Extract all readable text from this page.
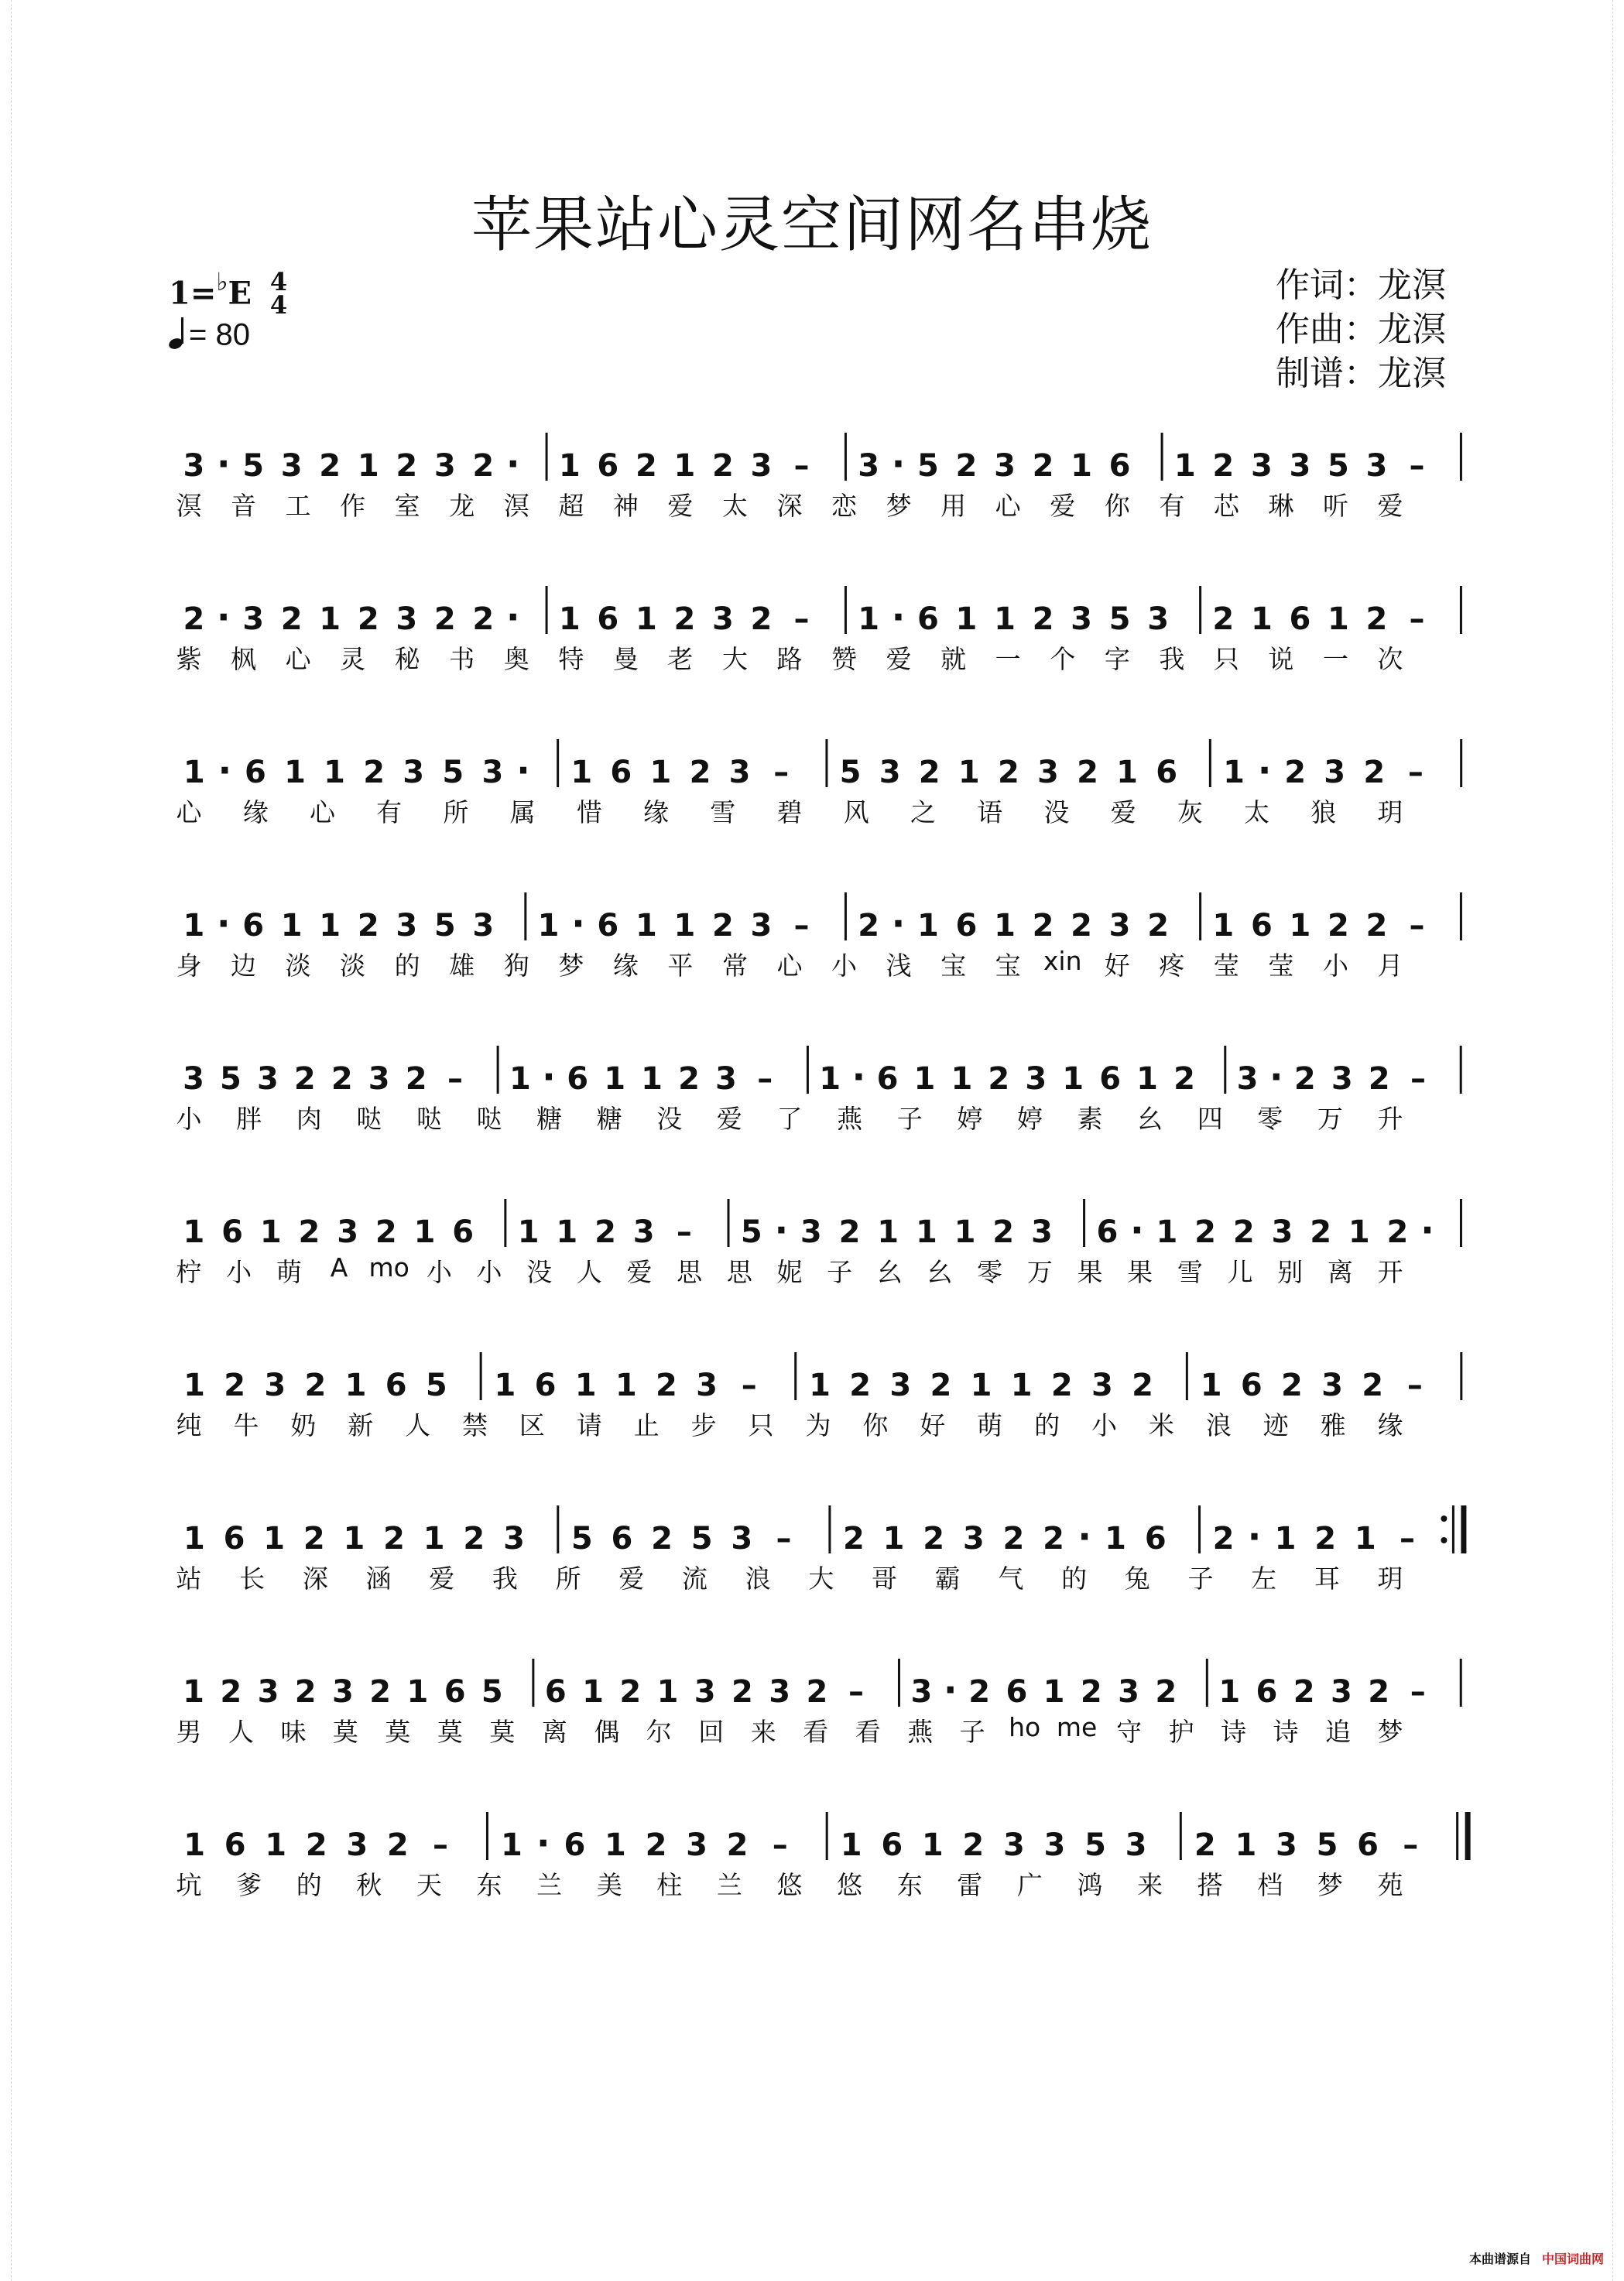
苹果站心灵空间网名串烧
1=♭E 4
4
= 80
作词：龙溟
作曲：龙溟
制谱：龙溟
3 · 5 3 2 1 2 3 2 · 1 6 2 1 2 3 – 3 · 5 2 3 2 1 6 1 2 3 3 5 3 –
溟 音 工 作 室 龙 溟 超 神 爱 太 深 恋 梦 用 心 爱 你 有 芯 琳 听 爱
2 · 3 2 1 2 3 2 2 · 1 6 1 2 3 2 – 1 · 6 1 1 2 3 5 3 2 1 6 1 2 –
紫 枫 心 灵 秘 书 奥 特 曼 老 大 路 赞 爱 就 一 个 字 我 只 说 一 次
1 · 6 1 1 2 3 5 3 · 1 6 1 2 3 – 5 3 2 1 2 3 2 1 6 1 · 2 3 2 –
心 缘 心 有 所 属 惜 缘 雪 碧 风 之 语 没 爱 灰 太 狼 玥
1 · 6 1 1 2 3 5 3 1 · 6 1 1 2 3 – 2 · 1 6 1 2 2 3 2 1 6 1 2 2 –
身 边 淡 淡 的 雄 狗 梦 缘 平 常 心 小 浅 宝 宝 xin 好 疼 莹 莹 小 月
3 5 3 2 2 3 2 – 1 · 6 1 1 2 3 – 1 · 6 1 1 2 3 1 6 1 2 3 · 2 3 2 –
小 胖 肉 哒 哒 哒 糖 糖 没 爱 了 燕 子 婷 婷 素 幺 四 零 万 升
1 6 1 2 3 2 1 6 1 1 2 3 – 5 · 3 2 1 1 1 2 3 6 · 1 2 2 3 2 1 2 ·
柠 小 萌 A mo 小 小 没 人 爱 思 思 妮 子 幺 幺 零 万 果 果 雪 儿 别 离 开
1 2 3 2 1 6 5 1 6 1 1 2 3 – 1 2 3 2 1 1 2 3 2 1 6 2 3 2 –
纯 牛 奶 新 人 禁 区 请 止 步 只 为 你 好 萌 的 小 米 浪 迹 雅 缘
1 6 1 2 1 2 1 2 3 5 6 2 5 3 – 2 1 2 3 2 2 · 1 6 2 · 1 2 1 –
站 长 深 涵 爱 我 所 爱 流 浪 大 哥 霸 气 的 兔 子 左 耳 玥
1 2 3 2 3 2 1 6 5 6 1 2 1 3 2 3 2 – 3 · 2 6 1 2 3 2 1 6 2 3 2 –
男 人 味 莫 莫 莫 莫 离 偶 尔 回 来 看 看 燕 子 ho me 守 护 诗 诗 追 梦
1 6 1 2 3 2 – 1 · 6 1 2 3 2 – 1 6 1 2 3 3 5 3 2 1 3 5 6 –
坑 爹 的 秋 天 东 兰 美 柱 兰 悠 悠 东 雷 广 鸿 来 搭 档 梦 苑
本曲谱源自 中国词曲网
